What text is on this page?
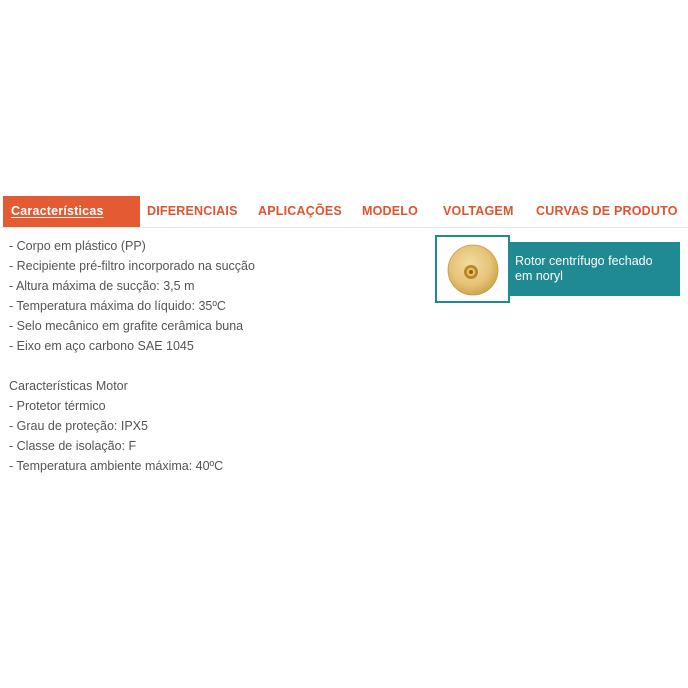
Características	DIFERENCIAIS APLICAÇÕES MODELO VOLTAGEM CURVAS DE PRODUTO
- Corpo em plástico (PP)
- Recipiente pré-filtro incorporado na sucção
- Altura máxima de sucção: 3,5 m
- Temperatura máxima do líquido: 35ºC
- Selo mecânico em grafite cerâmica buna
- Eixo em aço carbono SAE 1045
Características Motor
- Protetor térmico
- Grau de proteção: IPX5
- Classe de isolação: F
- Temperatura ambiente máxima: 40ºC
Rotor centrífugo fechado
em noryl
